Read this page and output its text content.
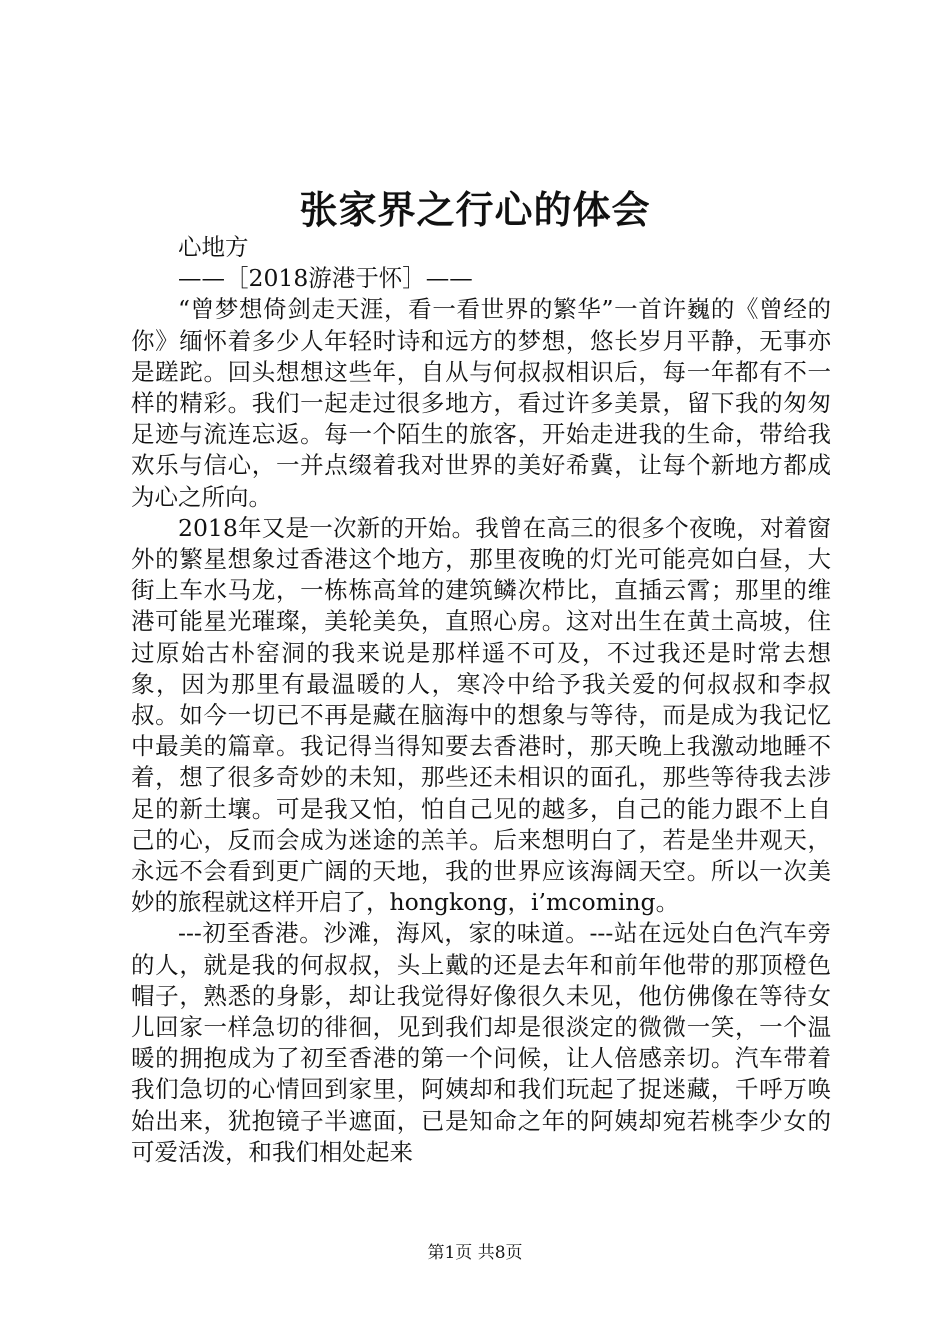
张家界之行心的体会

心地方

——［2018游港于怀］——

“曾梦想倚剑走天涯，看一看世界的繁华”一首许巍的《曾经的你》缅怀着多少人年轻时诗和远方的梦想，悠长岁月平静，无事亦是蹉跎。回头想想这些年，自从与何叔叔相识后，每一年都有不一样的精彩。我们一起走过很多地方，看过许多美景，留下我的匆匆足迹与流连忘返。每一个陌生的旅客，开始走进我的生命，带给我欢乐与信心，一并点缀着我对世界的美好希冀，让每个新地方都成为心之所向。

2018年又是一次新的开始。我曾在高三的很多个夜晚，对着窗外的繁星想象过香港这个地方，那里夜晚的灯光可能亮如白昼，大街上车水马龙，一栋栋高耸的建筑鳞次栉比，直插云霄；那里的维港可能星光璀璨，美轮美奂，直照心房。这对出生在黄土高坡，住过原始古朴窑洞的我来说是那样遥不可及，不过我还是时常去想象，因为那里有最温暖的人，寒冷中给予我关爱的何叔叔和李叔叔。如今一切已不再是藏在脑海中的想象与等待，而是成为我记忆中最美的篇章。我记得当得知要去香港时，那天晚上我激动地睡不着，想了很多奇妙的未知，那些还未相识的面孔，那些等待我去涉足的新土壤。可是我又怕，怕自己见的越多，自己的能力跟不上自己的心，反而会成为迷途的羔羊。后来想明白了，若是坐井观天，永远不会看到更广阔的天地，我的世界应该海阔天空。所以一次美妙的旅程就这样开启了，hongkong，i’mcoming。

---初至香港。沙滩，海风，家的味道。---站在远处白色汽车旁的人，就是我的何叔叔，头上戴的还是去年和前年他带的那顶橙色帽子，熟悉的身影，却让我觉得好像很久未见，他仿佛像在等待女儿回家一样急切的徘徊，见到我们却是很淡定的微微一笑，一个温暖的拥抱成为了初至香港的第一个问候，让人倍感亲切。汽车带着我们急切的心情回到家里，阿姨却和我们玩起了捉迷藏，千呼万唤始出来，犹抱镜子半遮面，已是知命之年的阿姨却宛若桃李少女的可爱活泼，和我们相处起来

第1页 共8页
